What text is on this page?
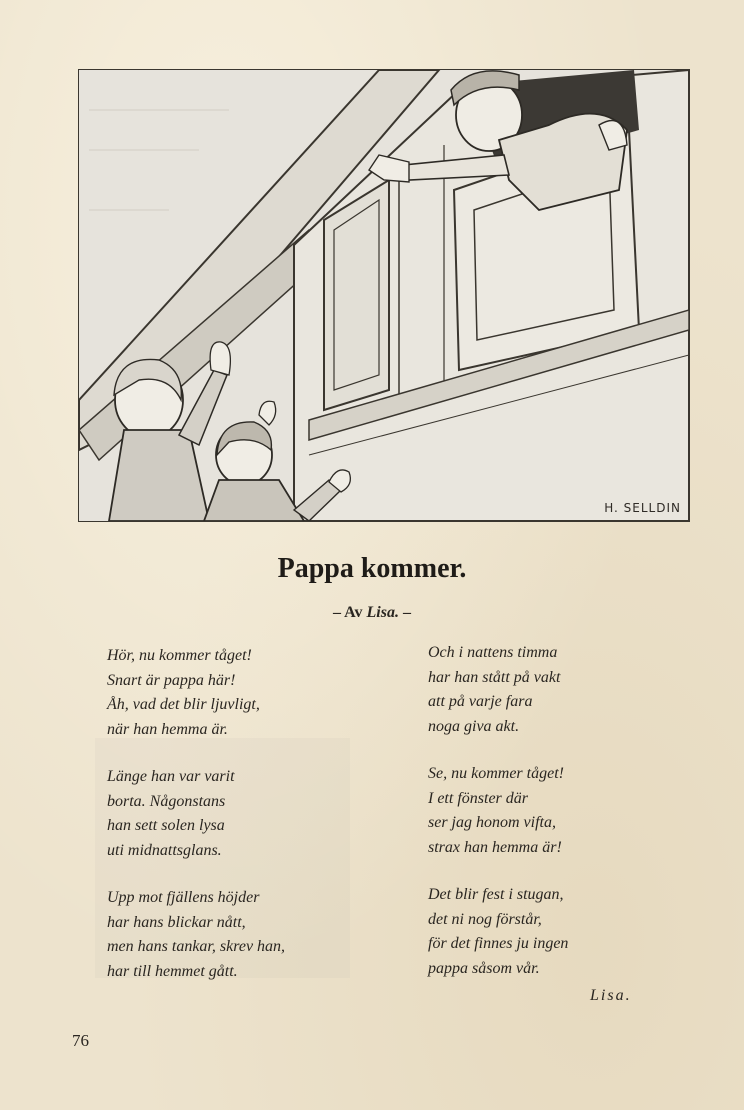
H. SELLDIN
Pappa kommer.
– Av Lisa. –
Hör, nu kommer tåget!
Snart är pappa här!
Åh, vad det blir ljuvligt,
när han hemma är.
Länge han var varit
borta. Någonstans
han sett solen lysa
uti midnattsglans.
Upp mot fjällens höjder
har hans blickar nått,
men hans tankar, skrev han,
har till hemmet gått.
Och i nattens timma
har han stått på vakt
att på varje fara
noga giva akt.
Se, nu kommer tåget!
I ett fönster där
ser jag honom vifta,
strax han hemma är!
Det blir fest i stugan,
det ni nog förstår,
för det finnes ju ingen
pappa såsom vår.
Lisa.
76
